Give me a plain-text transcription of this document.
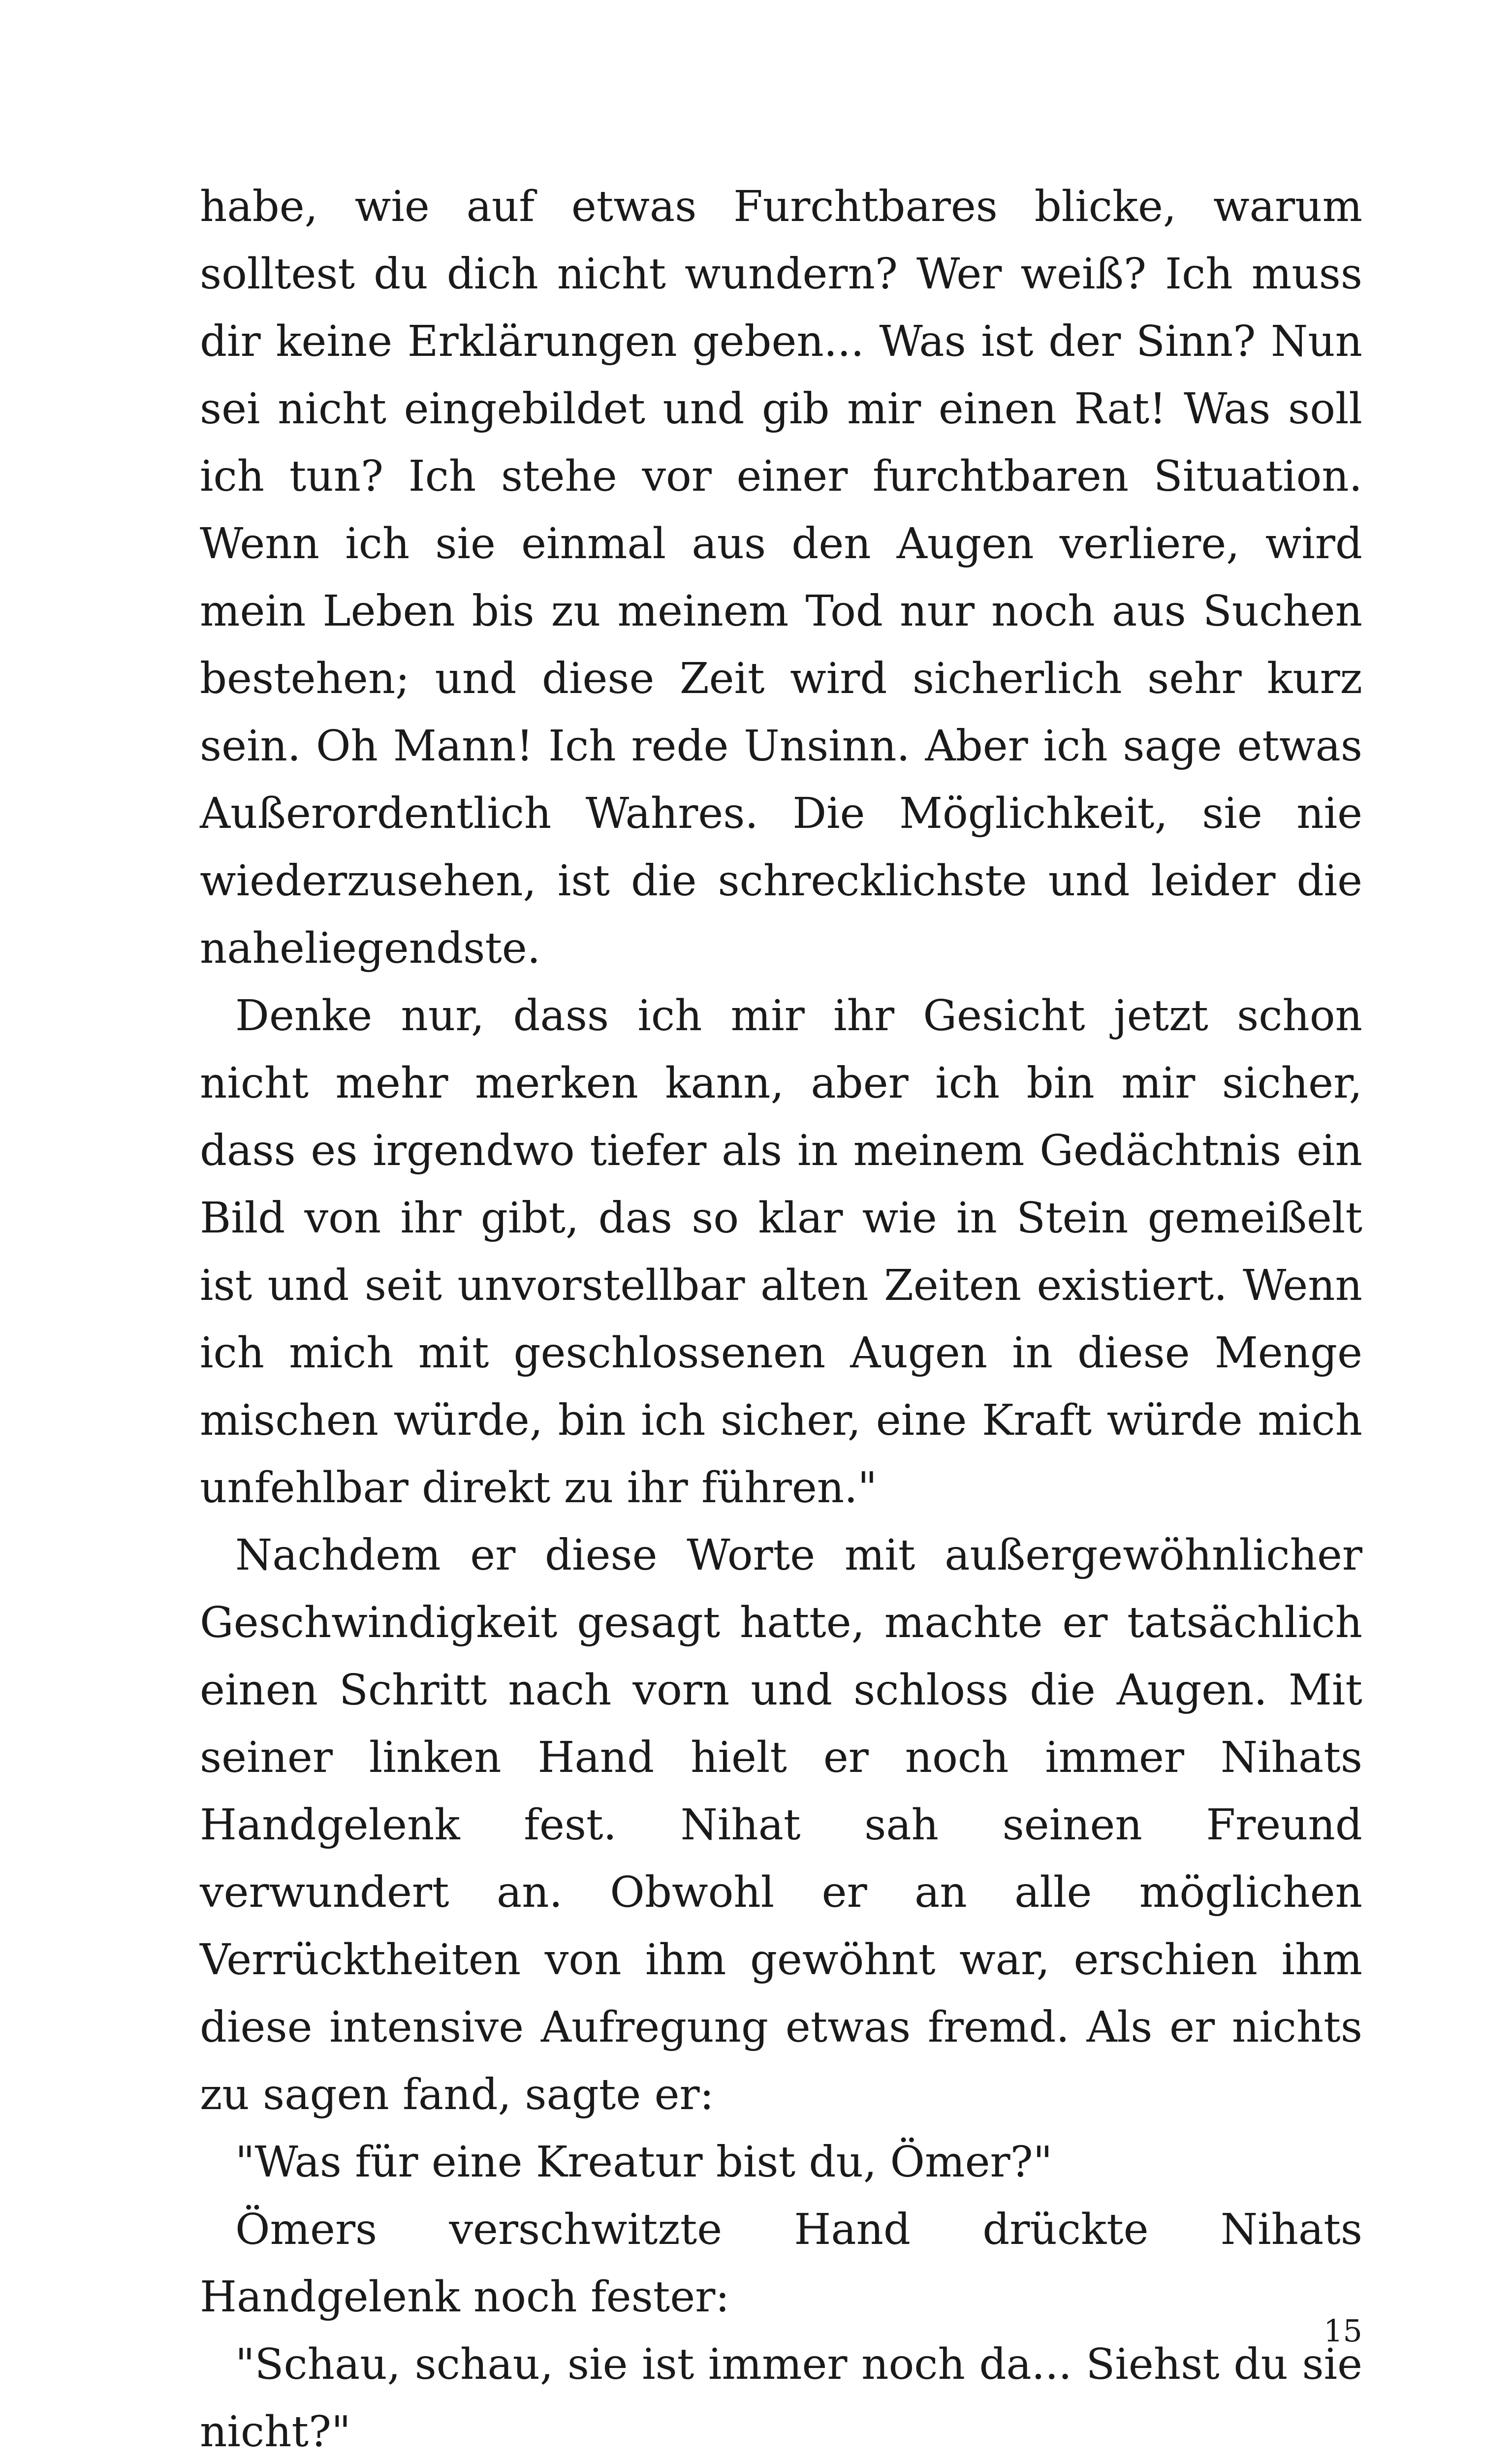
habe, wie auf etwas Furchtbares blicke, warum solltest du dich nicht wundern? Wer weiß? Ich muss dir keine Erklärungen geben... Was ist der Sinn? Nun sei nicht eingebildet und gib mir einen Rat! Was soll ich tun? Ich stehe vor einer furchtbaren Situation. Wenn ich sie einmal aus den Augen verliere, wird mein Leben bis zu meinem Tod nur noch aus Suchen bestehen; und diese Zeit wird sicherlich sehr kurz sein. Oh Mann! Ich rede Unsinn. Aber ich sage etwas Außerordentlich Wahres. Die Möglichkeit, sie nie wiederzusehen, ist die schrecklichste und leider die naheliegendste.

Denke nur, dass ich mir ihr Gesicht jetzt schon nicht mehr merken kann, aber ich bin mir sicher, dass es irgendwo tiefer als in meinem Gedächtnis ein Bild von ihr gibt, das so klar wie in Stein gemeißelt ist und seit unvorstellbar alten Zeiten existiert. Wenn ich mich mit geschlossenen Augen in diese Menge mischen würde, bin ich sicher, eine Kraft würde mich unfehlbar direkt zu ihr führen."

Nachdem er diese Worte mit außergewöhnlicher Geschwindigkeit gesagt hatte, machte er tatsächlich einen Schritt nach vorn und schloss die Augen. Mit seiner linken Hand hielt er noch immer Nihats Handgelenk fest. Nihat sah seinen Freund verwundert an. Obwohl er an alle möglichen Verrücktheiten von ihm gewöhnt war, erschien ihm diese intensive Aufregung etwas fremd. Als er nichts zu sagen fand, sagte er:

"Was für eine Kreatur bist du, Ömer?"

Ömers verschwitzte Hand drückte Nihats Handgelenk noch fester:

"Schau, schau, sie ist immer noch da... Siehst du sie nicht?"

15
